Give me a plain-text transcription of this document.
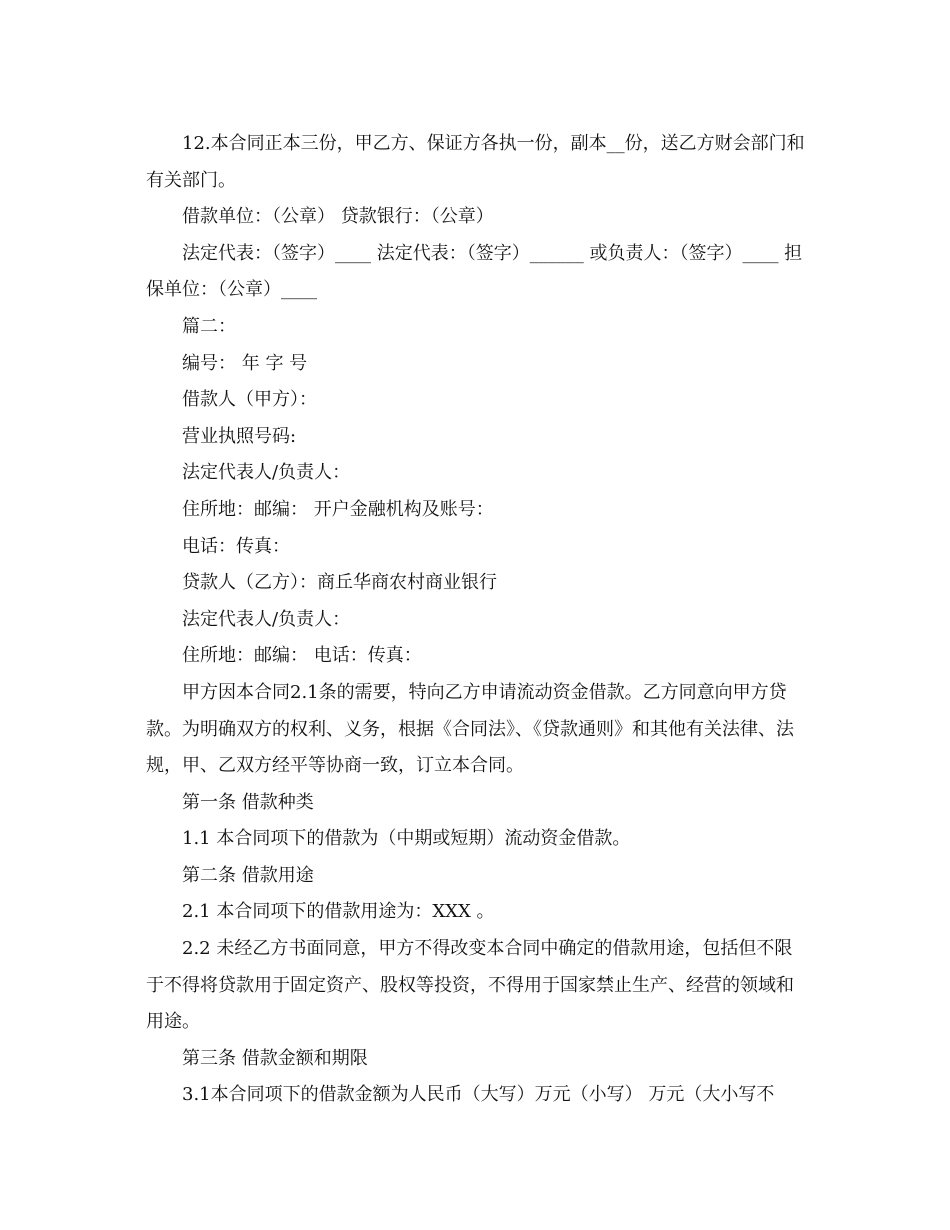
12.本合同正本三份，甲乙方、保证方各执一份，副本__份，送乙方财会部门和有关部门。

借款单位：（公章） 贷款银行：（公章）

法定代表：（签字）____ 法定代表：（签字）______ 或负责人：（签字）____ 担保单位：（公章）____

篇二：

编号： 年 字 号

借款人（甲方）：

营业执照号码:

法定代表人/负责人：

住所地：邮编： 开户金融机构及账号：

电话：传真：

贷款人（乙方）：商丘华商农村商业银行

法定代表人/负责人：

住所地：邮编： 电话：传真：

甲方因本合同2.1条的需要，特向乙方申请流动资金借款。乙方同意向甲方贷款。为明确双方的权利、义务，根据《合同法》、《贷款通则》和其他有关法律、法规，甲、乙双方经平等协商一致，订立本合同。

第一条 借款种类

1.1 本合同项下的借款为（中期或短期）流动资金借款。

第二条 借款用途

2.1 本合同项下的借款用途为：XXX 。

2.2 未经乙方书面同意，甲方不得改变本合同中确定的借款用途，包括但不限于不得将贷款用于固定资产、股权等投资，不得用于国家禁止生产、经营的领域和用途。

第三条 借款金额和期限

3.1本合同项下的借款金额为人民币（大写）万元（小写） 万元（大小写不
